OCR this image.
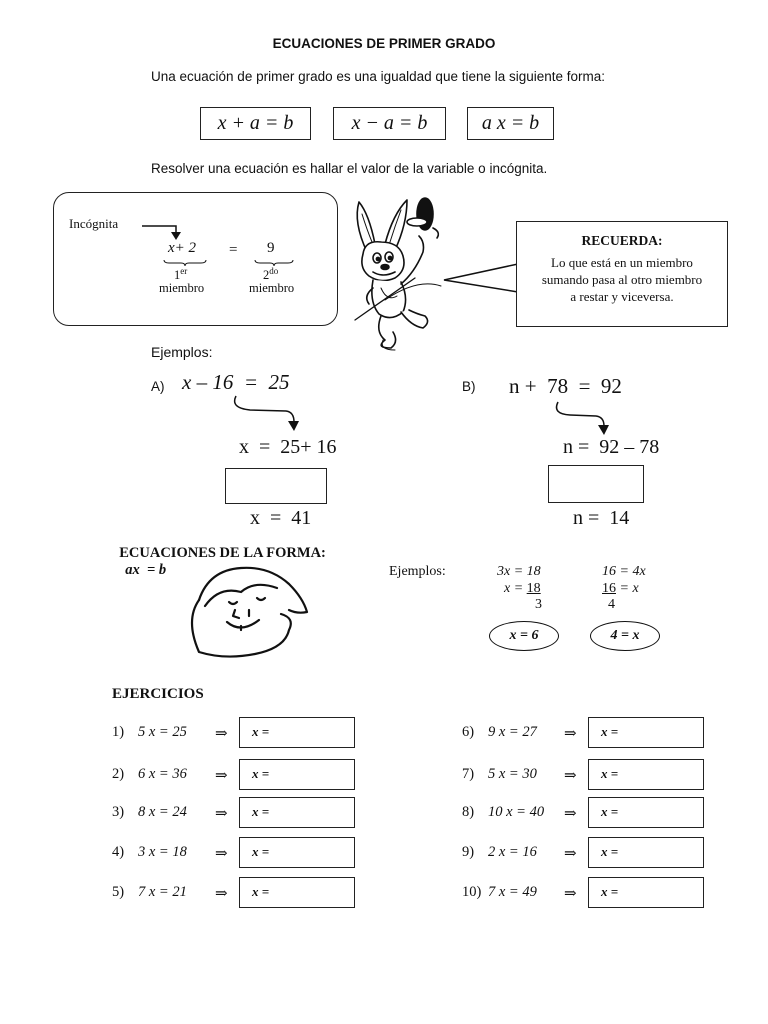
ECUACIONES DE PRIMER GRADO
Una ecuación de primer grado es una igualdad que tiene la siguiente forma:
x + a = b	x − a = b	a x = b
Resolver una ecuación es hallar el valor de la variable o incógnita.
Incógnita
x+ 2 = 9
1er
miembro
$2^{do}$
miembro
RECUERDA:
Lo que está en un miembro
sumando pasa al otro miembro
a restar y viceversa.
Ejemplos:
A) x – 16  =  25
x  =  25+ 16

x  =  41

B) n +  78  =  92
n =  92 – 78

n =  14

ECUACIONES DE LA FORMA:
ax  = b	Ejemplos:	3x = 18
x = 18
3
x = 6
16 = 4x
16 = x
4
4 = x
EJERCICIOS
1) 5 x = 25 ⇒	x =
2) 6 x = 36 ⇒	x =
3) 8 x = 24 ⇒	x =
4) 3 x = 18 ⇒	x =
5) 7 x = 21 ⇒	x =
6) 9 x = 27 ⇒	x =
7) 5 x = 30 ⇒	x =
8) 10 x = 40 ⇒	x =
9) 2 x = 16 ⇒	x =
10) 7 x = 49 ⇒	x =
